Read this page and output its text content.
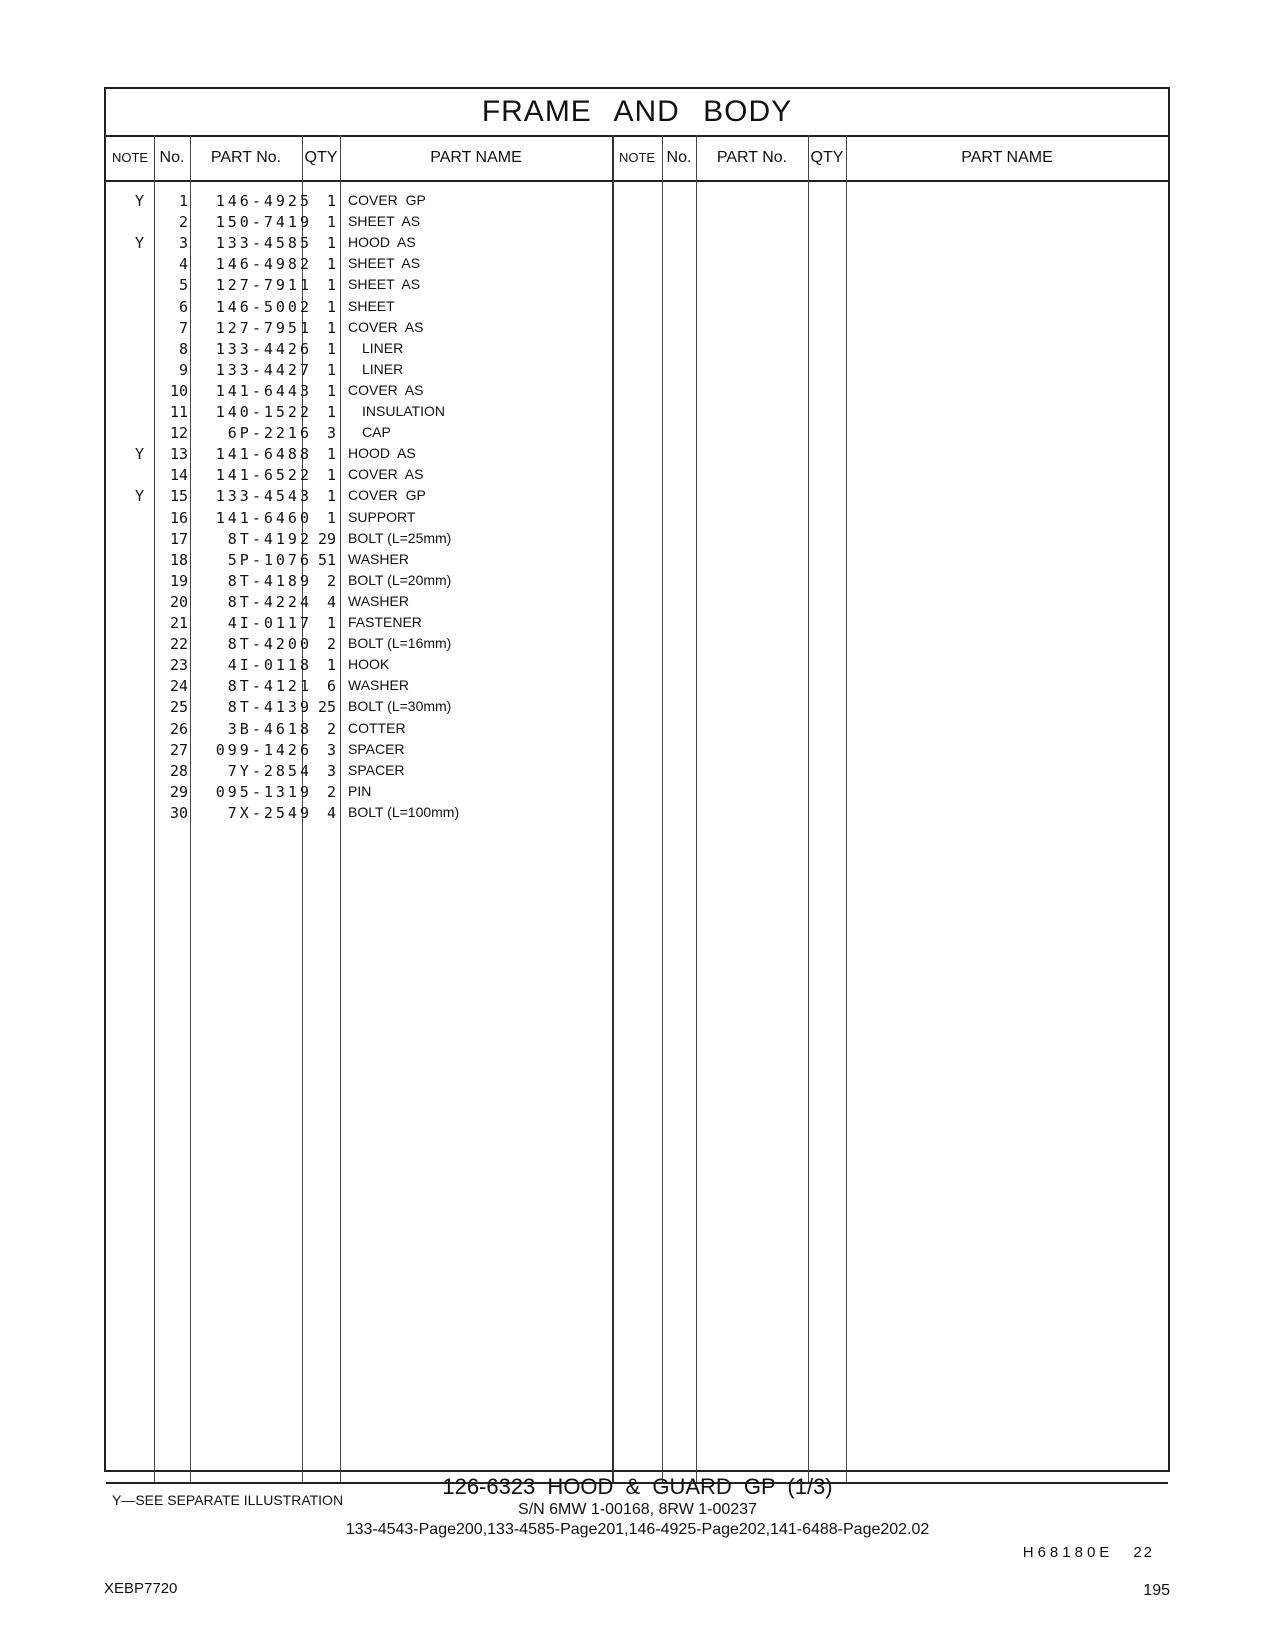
FRAME AND BODY
NOTE No.	PART No.	QTY	PART NAME	NOTE No.	PART No.	QTY	PART NAME
Y	1	146-4925 1 COVER  GP
2	150-7419 1 SHEET  AS
Y	3	133-4585 1 HOOD  AS
4	146-4982 1 SHEET  AS
5	127-7911 1 SHEET  AS
6	146-5002 1 SHEET
7	127-7951 1 COVER  AS
8	133-4426 1 LINER
9	133-4427 1 LINER
10	141-6443 1 COVER  AS
11	140-1522 1 INSULATION
12	6P-2216 3 CAP
Y	13	141-6488 1 HOOD  AS
14	141-6522 1 COVER  AS
Y	15	133-4543 1 COVER  GP
16	141-6460 1 SUPPORT
17	8T-4192 29 BOLT (L=25mm)
18	5P-1076 51 WASHER
19	8T-4189 2 BOLT (L=20mm)
20	8T-4224 4 WASHER
21	4I-0117 1 FASTENER
22	8T-4200 2 BOLT (L=16mm)
23	4I-0118 1 HOOK
24	8T-4121 6 WASHER
25	8T-4139 25 BOLT (L=30mm)
26	3B-4618 2 COTTER
27	099-1426 3 SPACER
28	7Y-2854 3 SPACER
29	095-1319 2 PIN
30	7X-2549 4 BOLT (L=100mm)
Y—SEE SEPARATE ILLUSTRATION
H68180E 22
126-6323 HOOD & GUARD GP (1/3)
S/N 6MW 1-00168, 8RW 1-00237
133-4543-Page200,133-4585-Page201,146-4925-Page202,141-6488-Page202.02
XEBP7720	195
